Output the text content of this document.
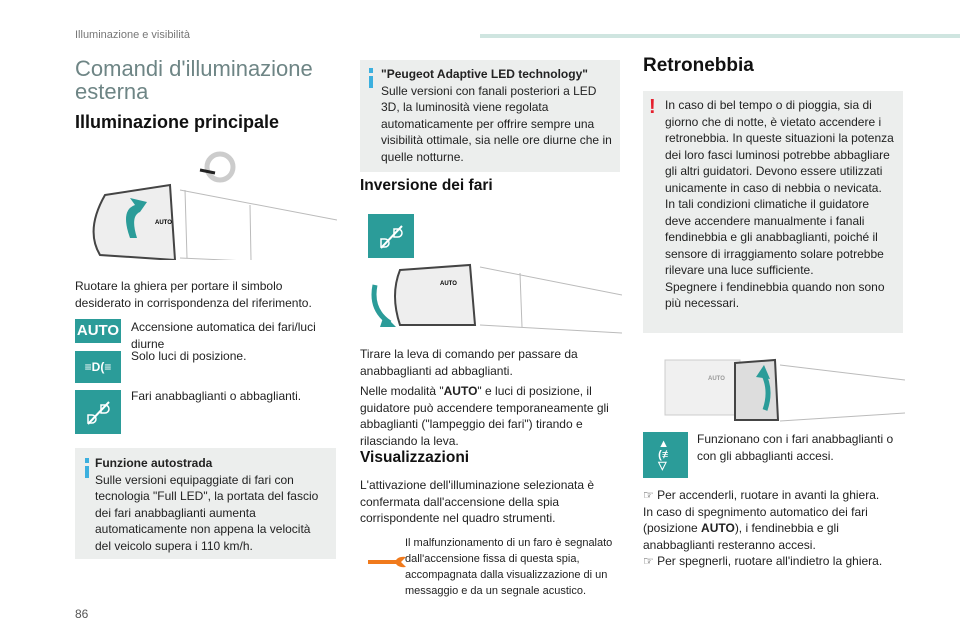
Illuminazione e visibilità
Comandi d'illuminazione esterna
Illuminazione principale
AUTO

Ruotare la ghiera per portare il simbolo desiderato in corrispondenza del riferimento.

AUTO Accensione automatica dei fari/luci diurne

≡D(≡

Solo luci di posizione.

Fari anabbaglianti o abbaglianti.

Funzione autostrada
Sulle versioni equipaggiate di fari con tecnologia "Full LED", la portata del fascio dei fari anabbaglianti aumenta automaticamente non appena la velocità del veicolo supera i 110 km/h.

"Peugeot Adaptive LED technology"
Sulle versioni con fanali posteriori a LED 3D, la luminosità viene regolata automaticamente per offrire sempre una visibilità ottimale, sia nelle ore diurne che in quelle notturne.

Inversione dei fari
AUTO

Tirare la leva di comando per passare da anabbaglianti ad abbaglianti.

Nelle modalità "AUTO" e luci di posizione, il guidatore può accendere temporaneamente gli abbaglianti ("lampeggio dei fari") tirando e rilasciando la leva.

Visualizzazioni

L'attivazione dell'illuminazione selezionata è confermata dall'accensione della spia corrispondente nel quadro strumenti.

Il malfunzionamento di un faro è segnalato dall'accensione fissa di questa spia, accompagnata dalla visualizzazione di un messaggio e da un segnale acustico.

Retronebbia
! In caso di bel tempo o di pioggia, sia di giorno che di notte, è vietato accendere i retronebbia. In queste situazioni la potenza dei loro fasci luminosi potrebbe abbagliare gli altri guidatori. Devono essere utilizzati unicamente in caso di nebbia o nevicata.
In tali condizioni climatiche il guidatore deve accendere manualmente i fanali fendinebbia e gli anabbaglianti, poiché il sensore di irraggiamento solare potrebbe rilevare una luce sufficiente.
Spegnere i fendinebbia quando non sono più necessari.

AUTO
▲
(≢
▽

Funzionano con i fari anabbaglianti o con gli abbaglianti accesi.

☞ Per accenderli, ruotare in avanti la ghiera.
In caso di spegnimento automatico dei fari (posizione AUTO), i fendinebbia e gli anabbaglianti resteranno accesi.
☞ Per spegnerli, ruotare all'indietro la ghiera.

86
